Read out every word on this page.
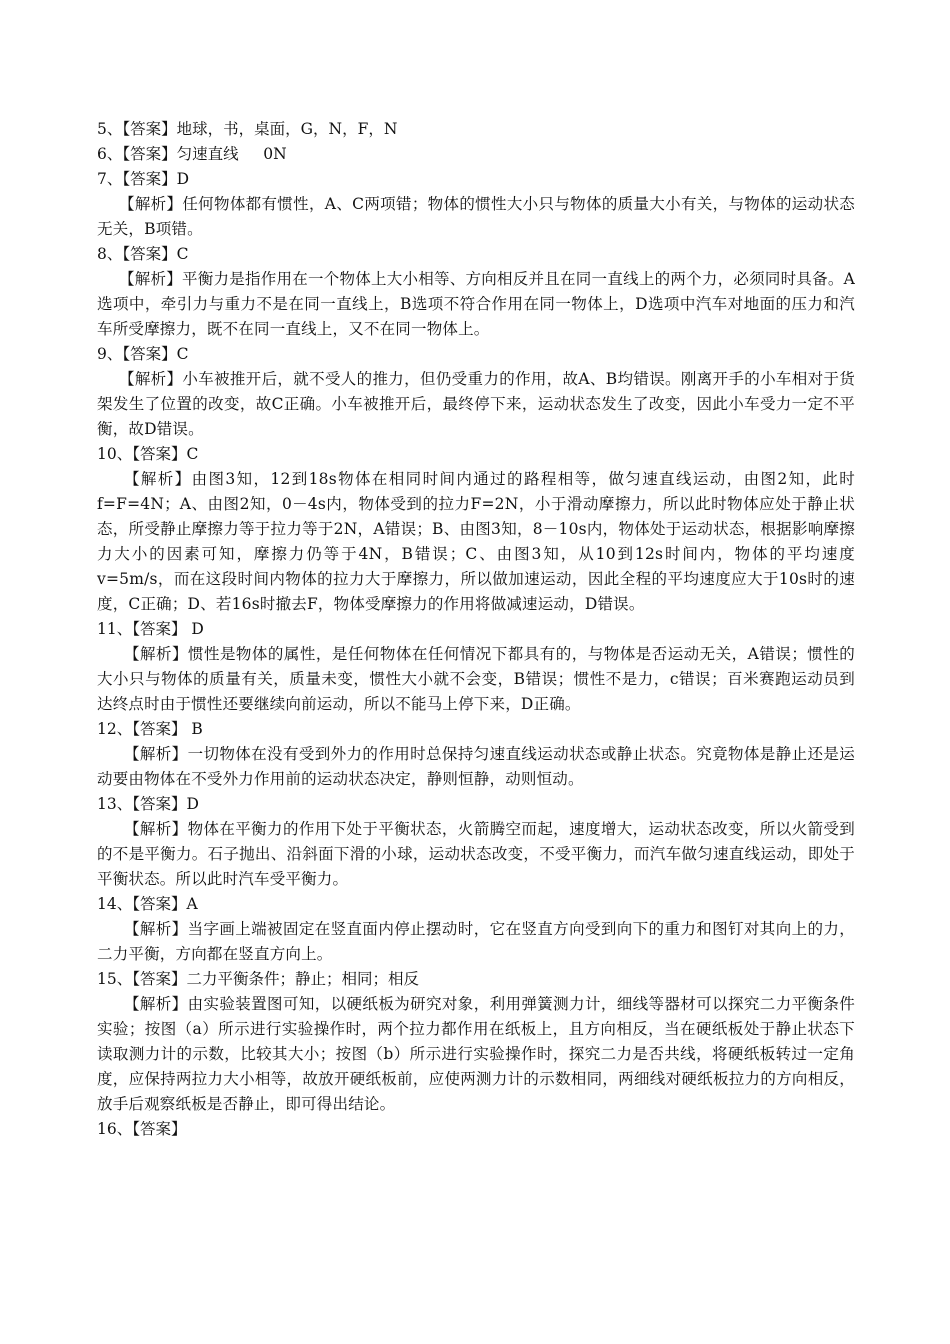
5、【答案】地球，书，桌面，G，N，F，N

6、【答案】匀速直线     0N

7、【答案】D

【解析】任何物体都有惯性，A、C两项错；物体的惯性大小只与物体的质量大小有关，与物体的运动状态无关，B项错。

8、【答案】C

【解析】平衡力是指作用在一个物体上大小相等、方向相反并且在同一直线上的两个力，必须同时具备。A选项中，牵引力与重力不是在同一直线上，B选项不符合作用在同一物体上，D选项中汽车对地面的压力和汽车所受摩擦力，既不在同一直线上，又不在同一物体上。

9、【答案】C

【解析】小车被推开后，就不受人的推力，但仍受重力的作用，故A、B均错误。刚离开手的小车相对于货架发生了位置的改变，故C正确。小车被推开后，最终停下来，运动状态发生了改变，因此小车受力一定不平衡，故D错误。

10、【答案】C

【解析】由图3知，12到18s物体在相同时间内通过的路程相等，做匀速直线运动，由图2知，此时f=F=4N；A、由图2知，0－4s内，物体受到的拉力F=2N，小于滑动摩擦力，所以此时物体应处于静止状态，所受静止摩擦力等于拉力等于2N，A错误；B、由图3知，8－10s内，物体处于运动状态，根据影响摩擦力大小的因素可知，摩擦力仍等于4N，B错误；C、由图3知，从10到12s时间内，物体的平均速度v=5m/s，而在这段时间内物体的拉力大于摩擦力，所以做加速运动，因此全程的平均速度应大于10s时的速度，C正确；D、若16s时撤去F，物体受摩擦力的作用将做减速运动，D错误。

11、【答案】 D

【解析】惯性是物体的属性，是任何物体在任何情况下都具有的，与物体是否运动无关，A错误；惯性的大小只与物体的质量有关，质量未变，惯性大小就不会变，B错误；惯性不是力，c错误；百米赛跑运动员到达终点时由于惯性还要继续向前运动，所以不能马上停下来，D正确。

12、【答案】 B

【解析】一切物体在没有受到外力的作用时总保持匀速直线运动状态或静止状态。究竟物体是静止还是运动要由物体在不受外力作用前的运动状态决定，静则恒静，动则恒动。

13、【答案】D

【解析】物体在平衡力的作用下处于平衡状态，火箭腾空而起，速度增大，运动状态改变，所以火箭受到的不是平衡力。石子抛出、沿斜面下滑的小球，运动状态改变，不受平衡力，而汽车做匀速直线运动，即处于平衡状态。所以此时汽车受平衡力。

14、【答案】A

【解析】当字画上端被固定在竖直面内停止摆动时，它在竖直方向受到向下的重力和图钉对其向上的力，二力平衡，方向都在竖直方向上。

15、【答案】二力平衡条件；静止；相同；相反

【解析】由实验装置图可知，以硬纸板为研究对象，利用弹簧测力计，细线等器材可以探究二力平衡条件实验；按图（a）所示进行实验操作时，两个拉力都作用在纸板上，且方向相反，当在硬纸板处于静止状态下读取测力计的示数，比较其大小；按图（b）所示进行实验操作时，探究二力是否共线，将硬纸板转过一定角度，应保持两拉力大小相等，故放开硬纸板前，应使两测力计的示数相同，两细线对硬纸板拉力的方向相反，放手后观察纸板是否静止，即可得出结论。

16、【答案】
